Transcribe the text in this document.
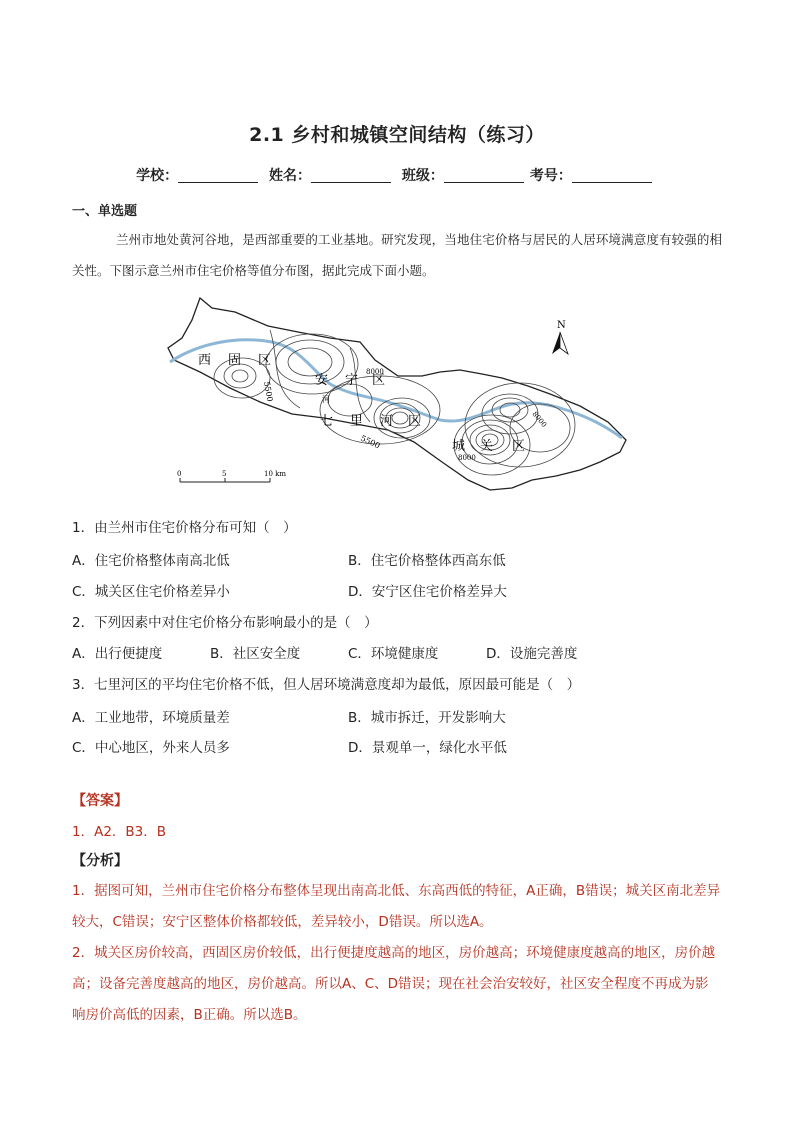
2.1 乡村和城镇空间结构（练习）
学校：	姓名：	班级：	考号：
一、单选题
兰州市地处黄河谷地，是西部重要的工业基地。研究发现，当地住宅价格与居民的人居环境满意度有较强的相关性。下图示意兰州市住宅价格等值分布图，据此完成下面小题。
西 固 区
安 宁 区
七 里 河 区
城 关 区
河
5500
5500
8000
8000
8000
N
0	5	10 km
1．由兰州市住宅价格分布可知（　）
A．住宅价格整体南高北低	B．住宅价格整体西高东低
C．城关区住宅价格差异小	D．安宁区住宅价格差异大
2．下列因素中对住宅价格分布影响最小的是（　）
A．出行便捷度	B．社区安全度	C．环境健康度	D．设施完善度
3．七里河区的平均住宅价格不低，但人居环境满意度却为最低，原因最可能是（　）
A．工业地带，环境质量差	B．城市拆迁，开发影响大
C．中心地区，外来人员多	D．景观单一，绿化水平低
【答案】
1．A2．B3．B
【分析】
1．据图可知，兰州市住宅价格分布整体呈现出南高北低、东高西低的特征，A正确，B错误；城关区南北差异较大，C错误；安宁区整体价格都较低，差异较小，D错误。所以选A。
2．城关区房价较高，西固区房价较低，出行便捷度越高的地区，房价越高；环境健康度越高的地区，房价越高；设备完善度越高的地区，房价越高。所以A、C、D错误；现在社会治安较好，社区安全程度不再成为影响房价高低的因素，B正确。所以选B。
